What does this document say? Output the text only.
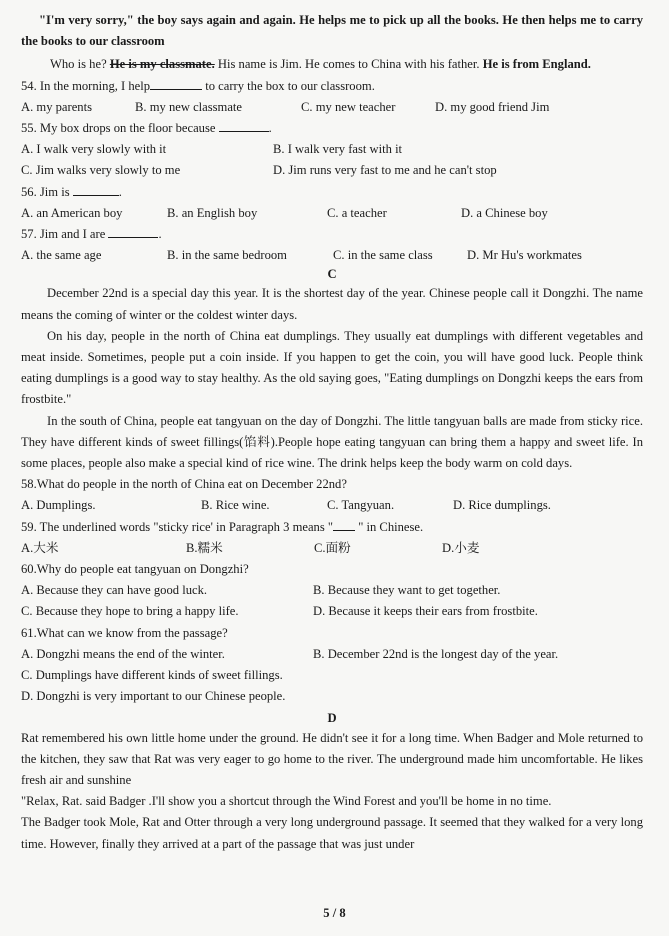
"I'm very sorry," the boy says again and again. He helps me to pick up all the books. He then helps me to carry the books to our classroom

Who is he? He is my classmate. His name is Jim. He comes to China with his father. He is from England.

54. In the morning, I help	to carry the box to our classroom.

A. my parents	B. my new classmate	C. my new teacher	D. my good friend Jim

55. My box drops on the floor because	.

A. I walk very slowly with it	B. I walk very fast with it
C. Jim walks very slowly to me	D. Jim runs very fast to me and he can't stop

56. Jim is	.

A. an American boy	B. an English boy	C. a teacher	D. a Chinese boy

57. Jim and I are	.

A. the same age	B. in the same bedroom	C. in the same class	D. Mr Hu's workmates

C

December 22nd is a special day this year. It is the shortest day of the year. Chinese people call it Dongzhi. The name means the coming of winter or the coldest winter days.

On his day, people in the north of China eat dumplings. They usually eat dumplings with different vegetables and meat inside. Sometimes, people put a coin inside. If you happen to get the coin, you will have good luck. People think eating dumplings is a good way to stay healthy. As the old saying goes, "Eating dumplings on Dongzhi keeps the ears from frostbite."

In the south of China, people eat tangyuan on the day of Dongzhi. The little tangyuan balls are made from sticky rice. They have different kinds of sweet fillings(馅料).People hope eating tangyuan can bring them a happy and sweet life. In some places, people also make a special kind of rice wine. The drink helps keep the body warm on cold days.

58.What do people in the north of China eat on December 22nd?

A. Dumplings.	B. Rice wine.	C. Tangyuan.	D. Rice dumplings.

59. The underlined words "sticky rice' in Paragraph 3 means " " in Chinese.

A.大米	B.糯米	C.面粉	D.小麦

60.Why do people eat tangyuan on Dongzhi?

A. Because they can have good luck.	B. Because they want to get together.
C. Because they hope to bring a happy life.	D. Because it keeps their ears from frostbite.

61.What can we know from the passage?

A. Dongzhi means the end of the winter.	B. December 22nd is the longest day of the year.

C. Dumplings have different kinds of sweet fillings.

D. Dongzhi is very important to our Chinese people.

D

Rat remembered his own little home under the ground. He didn't see it for a long time. When Badger and Mole returned to the kitchen, they saw that Rat was very eager to go home to the river. The underground made him uncomfortable. He likes fresh air and sunshine

"Relax, Rat. said Badger .I'll show you a shortcut through the Wind Forest and you'll be home in no time.

The Badger took Mole, Rat and Otter through a very long underground passage. It seemed that they walked for a very long time. However, finally they arrived at a part of the passage that was just under

5 / 8
